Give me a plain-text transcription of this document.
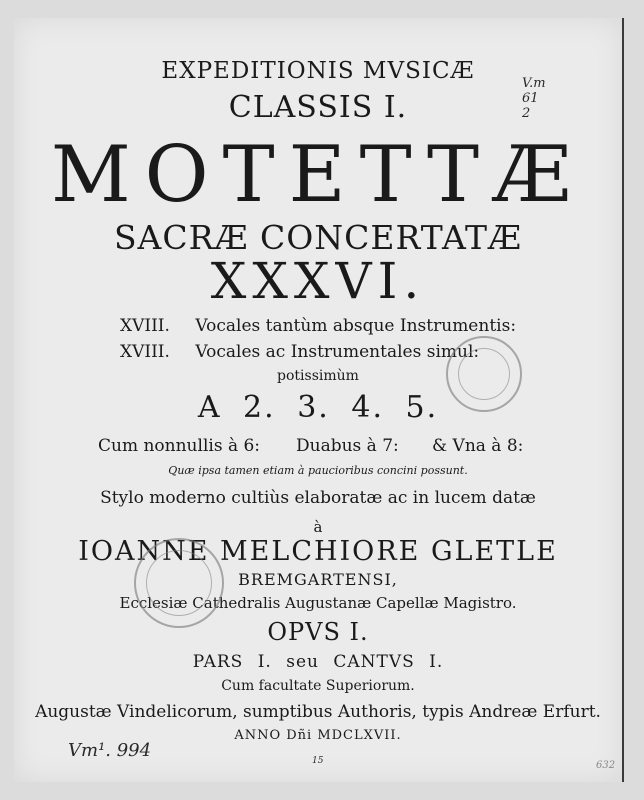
EXPEDITIONIS MVSICÆ
CLASSIS I.
MOTETTÆ
SACRÆ CONCERTATÆ
XXXVI.
XVIII. Vocales tantùm absque Instrumentis:
XVIII. Vocales ac Instrumentales simul:
potissimùm
A 2. 3. 4. 5.
Cum nonnullis à 6: Duabus à 7: & Vna à 8:
Quæ ipsa tamen etiam à paucioribus concini possunt.
Stylo moderno cultiùs elaboratæ ac in lucem datæ
à
IOANNE MELCHIORE GLETLE
BREMGARTENSI,
Ecclesiæ Cathedralis Augustanæ Capellæ Magistro.
OPVS I.
PARS I. seu CANTVS I.
Cum facultate Superiorum.
Augustæ Vindelicorum, sumptibus Authoris, typis Andreæ Erfurt.
ANNO Dñi MDCLXVII.
V.m
61
2
Vm¹. 994	15	632
